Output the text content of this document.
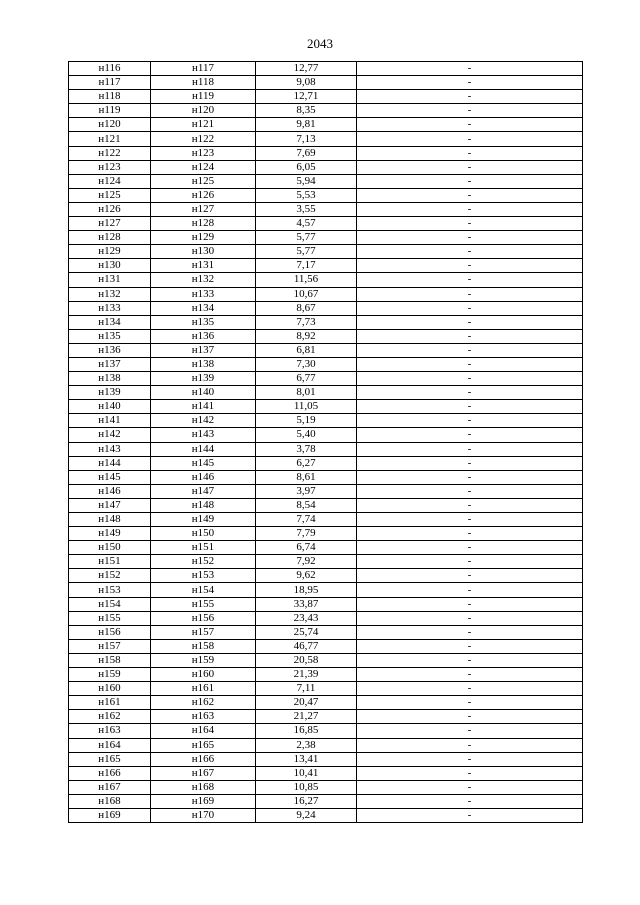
2043
н116	н117	12,77	-
н117	н118	9,08	-
н118	н119	12,71	-
н119	н120	8,35	-
н120	н121	9,81	-
н121	н122	7,13	-
н122	н123	7,69	-
н123	н124	6,05	-
н124	н125	5,94	-
н125	н126	5,53	-
н126	н127	3,55	-
н127	н128	4,57	-
н128	н129	5,77	-
н129	н130	5,77	-
н130	н131	7,17	-
н131	н132	11,56	-
н132	н133	10,67	-
н133	н134	8,67	-
н134	н135	7,73	-
н135	н136	8,92	-
н136	н137	6,81	-
н137	н138	7,30	-
н138	н139	6,77	-
н139	н140	8,01	-
н140	н141	11,05	-
н141	н142	5,19	-
н142	н143	5,40	-
н143	н144	3,78	-
н144	н145	6,27	-
н145	н146	8,61	-
н146	н147	3,97	-
н147	н148	8,54	-
н148	н149	7,74	-
н149	н150	7,79	-
н150	н151	6,74	-
н151	н152	7,92	-
н152	н153	9,62	-
н153	н154	18,95	-
н154	н155	33,87	-
н155	н156	23,43	-
н156	н157	25,74	-
н157	н158	46,77	-
н158	н159	20,58	-
н159	н160	21,39	-
н160	н161	7,11	-
н161	н162	20,47	-
н162	н163	21,27	-
н163	н164	16,85	-
н164	н165	2,38	-
н165	н166	13,41	-
н166	н167	10,41	-
н167	н168	10,85	-
н168	н169	16,27	-
н169	н170	9,24	-
